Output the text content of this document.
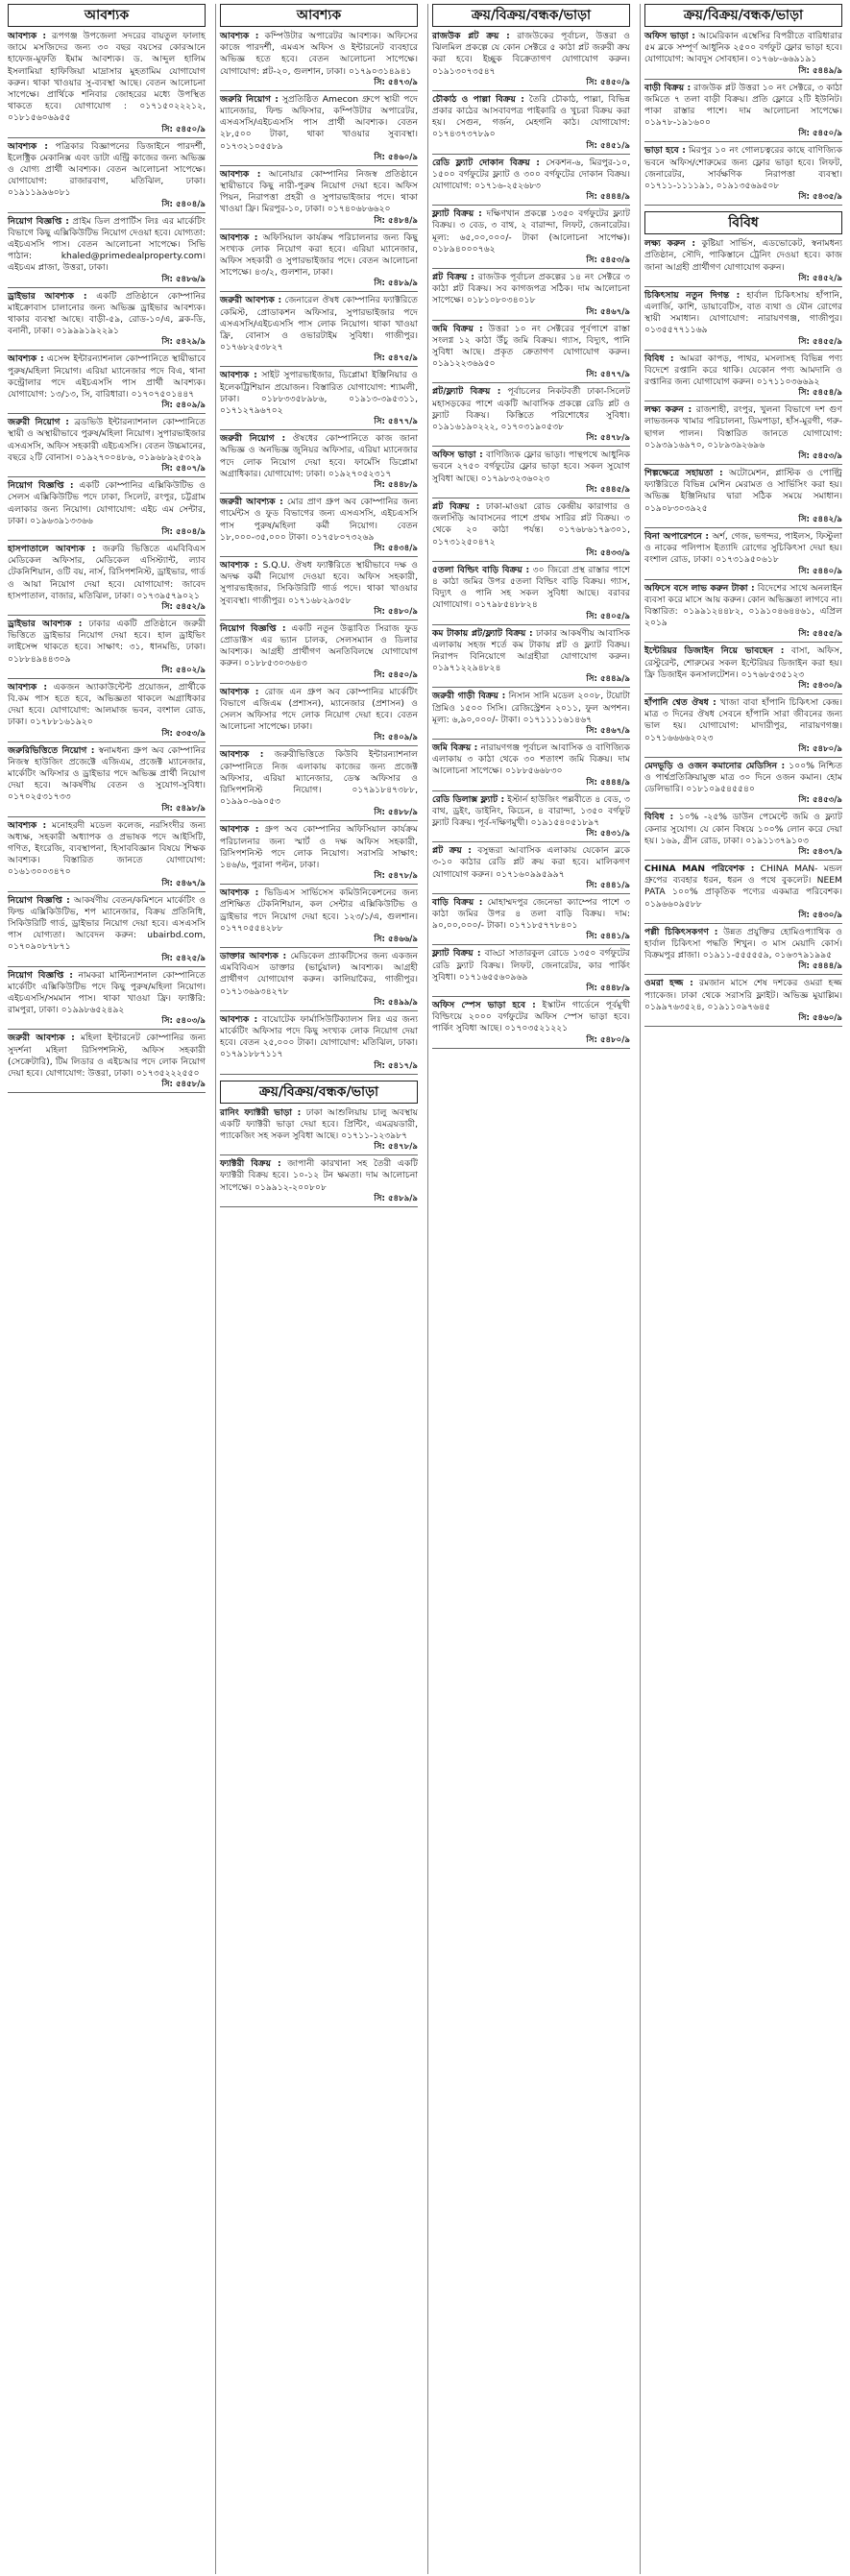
আবশ্যক

আবশ্যক : রূপগঞ্জ উপজেলা সদরের বায়তুল ফালাহ জামে মসজিদের জন্য ৩০ বছর বয়সের কোরআনে হাফেজ-মুফতি ইমাম আবশ্যক। ড. আব্দুল হালিম ইসলামিয়া হাফিজিয়া মাদ্রাসার মুহতামিম যোগাযোগ করুন। থাকা খাওয়ার সু-ব্যবস্থা আছে। বেতন আলোচনা সাপেক্ষে। প্রার্থিকে শনিবার জোহরের মধ্যে উপস্থিত থাকতে হবে। যোগাযোগ : ০১৭১৫০২২২১২, ০১৮১৫৬০৬৯৫৫

সি: ৫৪৫০/৯

আবশ্যক : পত্রিকার বিজ্ঞাপনের ডিজাইনে পারদর্শী, ইলেক্ট্রিক মেকানিক্স এবং ডাটা এন্ট্রি কাজের জন্য অভিজ্ঞ ও যোগ্য প্রার্থী আবশ্যক। বেতন আলোচনা সাপেক্ষে। যোগাযোগ: রাজারবাগ, মতিঝিল, ঢাকা। ০১৯১১৯৯৬০৮১

সি: ৫৪০৪/৯

নিয়োগ বিজ্ঞপ্তি : প্রাইম ডিল প্রপার্টিস লিঃ এর মার্কেটিং বিভাগে কিছু এক্সিকিউটিভ নিয়োগ দেওয়া হবে। যোগ্যতা: এইচএসসি পাস। বেতন আলোচনা সাপেক্ষে। সিভি পাঠান: khaled@primedealproperty.com। এইচএম প্লাজা, উত্তরা, ঢাকা।

সি: ৫৪৮৬/৯

ড্রাইভার আবশ্যক : একটি প্রতিষ্ঠানে কোম্পানির মাইক্রোবাস চালানোর জন্য অভিজ্ঞ ড্রাইভার আবশ্যক। থাকার ব্যবস্থা আছে। বাড়ী-৫৯, রোড-১০/এ, ব্লক-ডি, বনানী, ঢাকা। ০১৯৯৯১৯২২৯১

সি: ৫৪২৯/৯

আবশ্যক : এসেন্স ইন্টারন্যাশনাল কোম্পানিতে স্থায়ীভাবে পুরুষ/মহিলা নিয়োগ। এরিয়া ম্যানেজার পদে বিএ, থানা কন্ট্রোলার পদে এইচএসসি পাস প্রার্থী আবশ্যক। যোগাযোগ: ১৩/১৩, সি, বারিধারা। ০১৭০৭৫০১৪৪৭

সি: ৫৪০৯/৯

জরুরী নিয়োগ : ব্রডভিউ ইন্টারন্যাশনাল কোম্পানিতে স্থায়ী ও অস্থায়ীভাবে পুরুষ/মহিলা নিয়োগ। সুপারভাইজার এসএসসি, অফিস সহকারী এইচএসসি। বেতন উচ্চমানের, বছরে ২টি বোনাস। ০১৯২৭০০৪৮৬, ০১৯৬৮৯২৫৩২৯

সি: ৫৪০৭/৯

নিয়োগ বিজ্ঞপ্তি : একটি কোম্পানির এক্সিকিউটিভ ও সেলস এক্সিকিউটিভ পদে ঢাকা, সিলেট, রংপুর, চট্টগ্রাম এলাকার জন্য নিয়োগ। যোগাযোগ: এইচ এম সেন্টার, ঢাকা। ০১৯৬৩৯১৩৩৬৬

সি: ৫৪০৪/৯

হাসপাতালে আবশ্যক : জরুরি ভিত্তিতে এমবিবিএস মেডিকেল অফিসার, মেডিকেল এসিস্ট্যান্ট, ল্যাব টেকনিশিয়ান, ওটি বয়, নার্স, রিসিপশনিস্ট, ড্রাইভার, গার্ড ও আয়া নিয়োগ দেয়া হবে। যোগাযোগ: জাবেদ হাসপাতাল, বাজার, মতিঝিল, ঢাকা। ০১৭৩৯৫৭৯০২১

সি: ৫৪৫২/৯

ড্রাইভার আবশ্যক : ঢাকার একটি প্রতিষ্ঠানে জরুরী ভিত্তিতে ড্রাইভার নিয়োগ দেয়া হবে। হাল ড্রাইভিং লাইসেন্স থাকতে হবে। সাক্ষাৎ: ৩১, ধানমন্ডি, ঢাকা। ০১৮৮৪৯৪৪৩০৯

সি: ৫৪০২/৯

আবশ্যক : একজন অ্যাকাউন্টেন্ট প্রয়োজন, প্রার্থীকে বি.কম পাস হতে হবে, অভিজ্ঞতা থাকলে অগ্রাধিকার দেয়া হবে। যোগাযোগ: আলমাজ ভবন, বংশাল রোড, ঢাকা। ০১৭৮৮১৬১৯২০

সি: ৫৩৫৩/৯

জরুরিভিত্তিতে নিয়োগ : স্বনামধন্য গ্রুপ অব কোম্পানির নিজস্ব হাউজিং প্রজেক্টে এজিএম, প্রজেক্ট ম্যানেজার, মার্কেটিং অফিসার ও ড্রাইভার পদে অভিজ্ঞ প্রার্থী নিয়োগ দেয়া হবে। আকর্ষণীয় বেতন ও সুযোগ-সুবিধা। ০১৭০২৫৩১৭৩৩

সি: ৫৪৯৮/৯

আবশ্যক : মনোহরদী মডেল কলেজ, নরসিংদীর জন্য অধ্যক্ষ, সহকারী অধ্যাপক ও প্রভাষক পদে আইসিটি, গণিত, ইংরেজি, ব্যবস্থাপনা, হিসাববিজ্ঞান বিষয়ে শিক্ষক আবশ্যক। বিস্তারিত জানতে যোগাযোগ: ০১৬১৩০০৩৪৭০

সি: ৫৪৬৭/৯

নিয়োগ বিজ্ঞপ্তি : আকর্ষণীয় বেতন/কমিশনে মার্কেটিং ও ফিল্ড এক্সিকিউটিভ, শপ ম্যানেজার, বিক্রয় প্রতিনিধি, সিকিউরিটি গার্ড, ড্রাইভার নিয়োগ দেয়া হবে। এসএসসি পাস যোগ্যতা। আবেদন করুন: ubairbd.com, ০১৭০৯০৮৭৮৭১

সি: ৫৪২৫/৯

নিয়োগ বিজ্ঞপ্তি : নামকরা মাল্টিন্যাশনাল কোম্পানিতে মার্কেটিং এক্সিকিউটিভ পদে কিছু পুরুষ/মহিলা নিয়োগ। এইচএসসি/সমমান পাস। থাকা খাওয়া ফ্রি। ফ্যাক্টরি: রামপুরা, ঢাকা। ০১৯৯৮৬৫২৪৯২

সি: ৫৪০৩/৯

জরুরী আবশ্যক : মহিলা ইন্টারনেট কোম্পানির জন্য সুদর্শনা মহিলা রিসিপশনিস্ট, অফিস সহকারী (সেক্রেটারি), টিম লিডার ও এইচআর পদে লোক নিয়োগ দেয়া হবে। যোগাযোগ: উত্তরা, ঢাকা। ০১৭৩৫২২২৫৫০

সি: ৫৪৫৮/৯
আবশ্যক

আবশ্যক : কম্পিউটার অপারেটর আবশ্যক। অফিসের কাজে পারদর্শী, এমএস অফিস ও ইন্টারনেট ব্যবহারে অভিজ্ঞ হতে হবে। বেতন আলোচনা সাপেক্ষে। যোগাযোগ: প্লট-২০, গুলশান, ঢাকা। ০১৭৯০৩১৪৯৪১

সি: ৫৪৭৩/৯

জরুরি নিয়োগ : সুপ্রতিষ্ঠিত Amecon গ্রুপে স্থায়ী পদে ম্যানেজার, ফিল্ড অফিসার, কম্পিউটার অপারেটর, এসএসসি/এইচএসসি পাস প্রার্থী আবশ্যক। বেতন ২৮,৫০০ টাকা, থাকা খাওয়ার সুব্যবস্থা। ০১৭৩২১০৫৫৮৯

সি: ৫৪৬০/৯

আবশ্যক : আনোয়ার কোম্পানির নিজস্ব প্রতিষ্ঠানে স্থায়ীভাবে কিছু নারী-পুরুষ নিয়োগ দেয়া হবে। অফিস পিয়ন, নিরাপত্তা প্রহরী ও সুপারভাইজার পদে। থাকা খাওয়া ফ্রি। মিরপুর-১০, ঢাকা। ০১৭৪০৬৮৬৬২০

সি: ৫৪৮৪/৯

আবশ্যক : অফিসিয়াল কার্যক্রম পরিচালনার জন্য কিছু সংখ্যক লোক নিয়োগ করা হবে। এরিয়া ম্যানেজার, অফিস সহকারী ও সুপারভাইজার পদে। বেতন আলোচনা সাপেক্ষে। ৪৩/২, গুলশান, ঢাকা।

সি: ৫৪৮৯/৯

জরুরী আবশ্যক : জেনারেল ঔষধ কোম্পানির ফ্যাক্টরিতে কেমিস্ট, প্রোডাকশন অফিসার, সুপারভাইজার পদে এসএসসি/এইচএসসি পাস লোক নিয়োগ। থাকা খাওয়া ফ্রি, বোনাস ও ওভারটাইম সুবিধা। গাজীপুর। ০১৭৬৮২৫৩৮২৭

সি: ৫৪৭৫/৯

আবশ্যক : সাইট সুপারভাইজার, ডিপ্লোমা ইঞ্জিনিয়ার ও ইলেকট্রিশিয়ান প্রয়োজন। বিস্তারিত যোগাযোগ: শ্যামলী, ঢাকা। ০১৮৮৩৩৫৮৯৮৬, ০১৯১৩-৩৯৫৩১১, ০১৭১২৭৯৬৭০২

সি: ৫৪৭৭/৯

জরুরী নিয়োগ : ঔষধের কোম্পানিতে কাজ জানা অভিজ্ঞ ও অনভিজ্ঞ জুনিয়র অফিসার, এরিয়া ম্যানেজার পদে লোক নিয়োগ দেয়া হবে। ফার্মেসি ডিপ্লোমা অগ্রাধিকার। যোগাযোগ: ঢাকা। ০১৯২৭০৫২৩১৭

সি: ৫৪৪৮/৯

জরুরী আবশ্যক : মোর প্রাণ গ্রুপ অব কোম্পানির জন্য গার্মেন্টস ও ফুড বিভাগের জন্য এসএসসি, এইচএসসি পাস পুরুষ/মহিলা কর্মী নিয়োগ। বেতন ১৮,০০০-৩৫,০০০ টাকা। ০১৭৫৮০৭৩২৬৯

সি: ৫৪৩৪/৯

আবশ্যক : S.Q.U. ঔষধ ফ্যাক্টরিতে স্থায়ীভাবে দক্ষ ও অদক্ষ কর্মী নিয়োগ দেওয়া হবে। অফিস সহকারী, সুপারভাইজার, সিকিউরিটি গার্ড পদে। থাকা খাওয়ার সুব্যবস্থা। গাজীপুর। ০১৭১৬৮২৯৩৫৮

সি: ৫৪৮০/৯

নিয়োগ বিজ্ঞপ্তি : একটি নতুন উদ্ভাবিত সিরাজ ফুড প্রোডাক্টস এর ভ্যান চালক, সেলসম্যান ও ডিলার আবশ্যক। আগ্রহী প্রার্থীগণ অনতিবিলম্বে যোগাযোগ করুন। ০১৮৮৫৩০৩৬৪৩

সি: ৫৪৫০/৯

আবশ্যক : রোজ এন গ্রুপ অব কোম্পানির মার্কেটিং বিভাগে এজিএম (প্রশাসন), ম্যানেজার (প্রশাসন) ও সেলস অফিসার পদে লোক নিয়োগ দেয়া হবে। বেতন আলোচনা সাপেক্ষে। ঢাকা।

সি: ৫৪০৯/৯

আবশ্যক : জরুরীভিত্তিতে কিউবি ইন্টারন্যাশনাল কোম্পানিতে নিজ এলাকায় কাজের জন্য প্রজেক্ট অফিসার, এরিয়া ম্যানেজার, ডেস্ক অফিসার ও রিসিপশনিস্ট নিয়োগ। ০১৭৯১৮৪৭৩৮৮, ০১৯৯০-৬৯০৫৩

সি: ৫৪৮৮/৯

আবশ্যক : গ্রুপ অব কোম্পানির অফিসিয়াল কার্যক্রম পরিচালনার জন্য স্মার্ট ও দক্ষ অফিস সহকারী, রিসিপশনিস্ট পদে লোক নিয়োগ। সরাসরি সাক্ষাৎ: ১৪৬/৬, পুরানা পল্টন, ঢাকা।

সি: ৫৪৭৮/৯

আবশ্যক : ভিডিএস সার্ভিসেস কমিউনিকেশনের জন্য প্রশিক্ষিত টেকনিশিয়ান, কল সেন্টার এক্সিকিউটিভ ও ড্রাইভার পদে নিয়োগ দেয়া হবে। ১২৩/১/এ, গুলশান। ০১৭৭০৫৫৪২৮৮

সি: ৫৪৬৬/৯

ডাক্তার আবশ্যক : মেডিকেল প্র্যাকটিসের জন্য একজন এমবিবিএস ডাক্তার (ভার্চুয়াল) আবশ্যক। আগ্রহী প্রার্থীগণ যোগাযোগ করুন। কালিয়াকৈর, গাজীপুর। ০১৭১৩৬৯৩৪২৭৮

সি: ৫৪৯৯/৯

আবশ্যক : বায়োটেক ফার্মাসিউটিক্যালস লিঃ এর জন্য মার্কেটিং অফিসার পদে কিছু সংখ্যক লোক নিয়োগ দেয়া হবে। বেতন ২৫,০০০ টাকা। যোগাযোগ: মতিঝিল, ঢাকা। ০১৭৯১৮৮৭১১৭

সি: ৫৪১৭/৯
ক্রয়/বিক্রয়/বন্ধক/ভাড়া

রানিং ফ্যাক্টরী ভাড়া : ঢাকা আশুলিয়ায় চালু অবস্থায় একটি ফ্যাক্টরী ভাড়া দেয়া হবে। প্রিন্টিং, এমব্রয়ডারী, প্যাকেজিং সহ সকল সুবিধা আছে। ০১৭১১-১২৩৯৮৭

সি: ৫৪৭৮/৯

ফ্যাক্টরী বিক্রয় : জাপানী কারখানা সহ তৈরী একটি ফ্যাক্টরী বিক্রয় হবে। ১০-১২ টন ক্ষমতা। দাম আলোচনা সাপেক্ষে। ০১৯৯১২-২০০৮০৮

সি: ৫৪৮৯/৯
ক্রয়/বিক্রয়/বন্ধক/ভাড়া

রাজউক প্লট ক্রয় : রাজউকের পূর্বাচল, উত্তরা ও ঝিলমিল প্রকল্পে যে কোন সেক্টরে ৫ কাঠা প্লট জরুরী ক্রয় করা হবে। ইচ্ছুক বিক্রেতাগণ যোগাযোগ করুন। ০১৯১৩০৭৩৫৪৭

সি: ৫৪৫০/৯

চৌকাঠ ও পাল্লা বিক্রয় : তৈরি চৌকাঠ, পাল্লা, বিভিন্ন প্রকার কাঠের আসবাবপত্র পাইকারি ও খুচরা বিক্রয় করা হয়। সেগুন, গর্জন, মেহগনি কাঠ। যোগাযোগ: ০১৭৪৩৭৩৭৮৯০

সি: ৫৪৫১/৯

রেডি ফ্ল্যাট দোকান বিক্রয় : সেকশন-৬, মিরপুর-১০, ১৫০০ বর্গফুটের ফ্ল্যাট ও ৩০০ বর্গফুটের দোকান বিক্রয়। যোগাযোগ: ০১৭১৬-২৫২৬৮৩

সি: ৫৪৪৪/৯

ফ্ল্যাট বিক্রয় : দক্ষিণখান প্রকল্পে ১৩৫০ বর্গফুটের ফ্ল্যাট বিক্রয়। ৩ বেড, ৩ বাথ, ২ বারান্দা, লিফট, জেনারেটর। মূল্য: ৬৫,০০,০০০/- টাকা (আলোচনা সাপেক্ষ)। ০১৮৯৪০০০৭৬২

সি: ৫৪৫৩/৯

প্লট বিক্রয় : রাজউক পূর্বাচল প্রকল্পের ১৪ নং সেক্টরে ৩ কাঠা প্লট বিক্রয়। সব কাগজপত্র সঠিক। দাম আলোচনা সাপেক্ষে। ০১৮১০৮০৩৪০১৮

সি: ৫৪৬৭/৯

জমি বিক্রয় : উত্তরা ১০ নং সেক্টরের পূর্বপাশে রাস্তা সংলগ্ন ১২ কাঠা উঁচু জমি বিক্রয়। গ্যাস, বিদ্যুৎ, পানি সুবিধা আছে। প্রকৃত ক্রেতাগণ যোগাযোগ করুন। ০১৯১২২৩৬৯৫০

সি: ৫৪৭৭/৯

প্লট/ফ্ল্যাট বিক্রয় : পূর্বাচলের নিকটবর্তী ঢাকা-সিলেট মহাসড়কের পাশে একটি আবাসিক প্রকল্পে রেডি প্লট ও ফ্ল্যাট বিক্রয়। কিস্তিতে পরিশোধের সুবিধা। ০১৯১৬১৯০২২২, ০১৭০৩১৯০৫৩৮

সি: ৫৪৭৮/৯

অফিস ভাড়া : বাণিজ্যিক ফ্লোর ভাড়া। পান্থপথে আধুনিক ভবনে ২৭৫০ বর্গফুটের ফ্লোর ভাড়া হবে। সকল সুযোগ সুবিধা আছে। ০১৭৯৮৩২৩৬০২৩

সি: ৫৪৪৫/৯

প্লট বিক্রয় : ঢাকা-মাওয়া রোড কেন্দ্রীয় কারাগার ও জলসিঁড়ি আবাসনের পাশে প্রথম সারির প্লট বিক্রয়। ৩ থেকে ২০ কাঠা পর্যন্ত। ০১৭৬৮৬১৭৯৩০১, ০১৭৩১২৫০৪৭২

সি: ৫৪৩৩/৯

৫তলা বিল্ডিং বাড়ি বিক্রয় : ৩০ জিরো প্রস্থ রাস্তার পাশে ৪ কাঠা জমির উপর ৫তলা বিল্ডিং বাড়ি বিক্রয়। গ্যাস, বিদ্যুৎ ও পানি সহ সকল সুবিধা আছে। বরাবর যোগাযোগ। ০১৭৯৮৫৪৮৮২৪

সি: ৫৪০৫/৯

কম টাকায় প্লট/ফ্ল্যাট বিক্রয় : ঢাকার আকর্ষণীয় আবাসিক এলাকায় সহজ শর্তে কম টাকায় প্লট ও ফ্ল্যাট বিক্রয়। নিরাপদ বিনিয়োগে আগ্রহীরা যোগাযোগ করুন। ০১৯৭১২২৯৪৮২৪

সি: ৫৪৪৯/৯

জরুরী গাড়ী বিক্রয় : নিসান সানি মডেল ২০০৮, টয়োটা প্রিমিও ১৫০০ সিসি। রেজিস্ট্রেশন ২০১১, ফুল অপশন। মূল্য: ৬,৯০,০০০/- টাকা। ০১৭১১১১৬১৪৬৭

সি: ৫৪৬৭/৯

জমি বিক্রয় : নারায়ণগঞ্জ পূর্বাচল আবাসিক ও বাণিজ্যিক এলাকায় ৩ কাঠা থেকে ৩০ শতাংশ জমি বিক্রয়। দাম আলোচনা সাপেক্ষে। ০১৮৮৫৬৬৮৩০

সি: ৫৪৪৪/৯

রেডি ডিলাক্স ফ্ল্যাট : ইস্টার্ন হাউজিং পল্লবীতে ৪ বেড, ৩ বাথ, ড্রইং, ডাইনিং, কিচেন, ৪ বারান্দা, ১৩৫০ বর্গফুট ফ্ল্যাট বিক্রয়। পূর্ব-দক্ষিণমুখী। ০১৯১৫৪০৫১৮৯৭

সি: ৫৪৩১/৯

প্লট ক্রয় : বসুন্ধরা আবাসিক এলাকায় যেকোন ব্লকে ৩-১০ কাঠার রেডি প্লট ক্রয় করা হবে। মালিকগণ যোগাযোগ করুন। ০১৭১৬০৯৯৫৯৯৭

সি: ৫৪৪১/৯

বাড়ি বিক্রয় : মোহাম্মদপুর জেনেভা ক্যাম্পের পাশে ৩ কাঠা জমির উপর ৪ তলা বাড়ি বিক্রয়। দাম: ৯০,০০,০০০/- টাকা। ০১৭১৮৫৭৭৮৪০১

সি: ৫৪৪১/৯

ফ্ল্যাট বিক্রয় : বাড্ডা সাতারকুল রোডে ১৩৫০ বর্গফুটের রেডি ফ্ল্যাট বিক্রয়। লিফট, জেনারেটর, কার পার্কিং সুবিধা। ০১৭১৬৫৫৬০৯৬৯

সি: ৫৪৪৮/৯

অফিস স্পেস ভাড়া হবে : ইস্কাটন গার্ডেনে পূর্বমুখী বিল্ডিংয়ে ২০০০ বর্গফুটের অফিস স্পেস ভাড়া হবে। পার্কিং সুবিধা আছে। ০১৭০৩৫২১২২১

সি: ৫৪৮০/৯
ক্রয়/বিক্রয়/বন্ধক/ভাড়া

অফিস ভাড়া : আমেরিকান এম্বেসির বিপরীতে বারিধারার ৫ম ব্লকে সম্পূর্ণ আধুনিক ২৫০০ বর্গফুট ফ্লোর ভাড়া হবে। যোগাযোগ: আবদুস সোবহান। ০১৭৬৮-৬৬৯১৯১

সি: ৫৪৪৯/৯

বাড়ী বিক্রয় : রাজউক প্লট উত্তরা ১০ নং সেক্টরে, ৩ কাঠা জমিতে ৭ তলা বাড়ী বিক্রয়। প্রতি ফ্লোরে ২টি ইউনিট। পাকা রাস্তার পাশে। দাম আলোচনা সাপেক্ষে। ০১৯৭৮-১৯১৬০০

সি: ৫৪৫০/৯

ভাড়া হবে : মিরপুর ১০ নং গোলচত্বরের কাছে বাণিজ্যিক ভবনে অফিস/শোরুমের জন্য ফ্লোর ভাড়া হবে। লিফট, জেনারেটর, সার্বক্ষণিক নিরাপত্তা ব্যবস্থা। ০১৭১১-১১১১৯১, ০১৯১৩৫৬৯৫০৮

সি: ৫৪৩৫/৯
বিবিধ

লক্ষ্য করুন : কুষ্টিয়া সার্ভিস, এডভোকেট, স্বনামধন্য প্রতিষ্ঠান, সৌদি, পাকিস্তানে ট্রেনিং দেওয়া হবে। কাজ জানা আগ্রহী প্রার্থীগণ যোগাযোগ করুন।

সি: ৫৪৫২/৯

চিকিৎসায় নতুন দিগন্ত : হার্বাল চিকিৎসায় হাঁপানি, এলার্জি, কাশি, ডায়াবেটিস, বাত ব্যথা ও যৌন রোগের স্থায়ী সমাধান। যোগাযোগ: নারায়ণগঞ্জ, গাজীপুর। ০১৩৫৫৭৭১১৬৯

সি: ৫৪৫৫/৯

বিবিধ : আমরা কাপড়, পাথর, মসলাসহ বিভিন্ন পণ্য বিদেশে রপ্তানি করে থাকি। যেকোন পণ্য আমদানি ও রপ্তানির জন্য যোগাযোগ করুন। ০১৭১১০৩৬৬৯২

সি: ৫৪৫৪/৯

লক্ষ্য করুন : রাজশাহী, রংপুর, খুলনা বিভাগে দশ গুণ লাভজনক খামার পরিচালনা, ডিমপাড়া, হাঁস-মুরগী, গরু-ছাগল পালন। বিস্তারিত জানতে যোগাযোগ: ০১৯৩৯১৬৯৭০, ০১৮৯৩৯২৬৯৬

সি: ৫৪৫৩/৯

শিল্পক্ষেত্রে সহায়তা : অটোমেশন, প্লাস্টিক ও পোল্ট্রি ফ্যাক্টরিতে বিভিন্ন মেশিন মেরামত ও সার্ভিসিং করা হয়। অভিজ্ঞ ইঞ্জিনিয়ার দ্বারা সঠিক সময়ে সমাধান। ০১৯০৮৩০৩৯২৫

সি: ৫৪৪২/৯

বিনা অপারেশনে : অর্শ, গেজ, ভগন্দর, পাইলস, ফিস্টুলা ও নাকের পলিপাস ইত্যাদি রোগের সুচিকিৎসা দেয়া হয়। বংশাল রোড, ঢাকা। ০১৭৩১৯৫০৬১৮

সি: ৫৪৪০/৯

অফিসে বসে লাভ করুন টাকা : বিদেশের সাথে অনলাইন ব্যবসা করে মাসে আয় করুন। কোন অভিজ্ঞতা লাগবে না। বিস্তারিত: ০১৯৯১২৪৪৮২, ০১৯১০৪৬৪৪৬১, এপ্রিল ২০১৯

সি: ৫৪৫৫/৯

ইন্টেরিয়র ডিজাইন নিয়ে ভাবছেন : বাসা, অফিস, রেস্টুরেন্ট, শোরুমের সকল ইন্টেরিয়র ডিজাইন করা হয়। ফ্রি ডিজাইন কনসালটেশন। ০১৭৬৮৫৩৫১২৩

সি: ৫৪৩০/৯

হাঁপানি শ্বেত ঔষধ : খাজা বাবা হাঁপানি চিকিৎসা কেন্দ্র। মাত্র ৩ দিনের ঔষধ সেবনে হাঁপানি সারা জীবনের জন্য ভাল হয়। যোগাযোগ: মাদারীপুর, নারায়ণগঞ্জ। ০১৭১৬৬৬৬২০২৩

সি: ৫৪৮০/৯

মেদভূড়ি ও ওজন কমানোর মেডিসিন : ১০০% নিশ্চিত ও পার্শ্বপ্রতিক্রিয়ামুক্ত মাত্র ৩০ দিনে ওজন কমান। হোম ডেলিভারি। ০১৮১০৯৫৪৫৫৪০

সি: ৫৪৫৩/৯

বিবিধ : ১০% -২৫% ডাউন পেমেন্টে জমি ও ফ্ল্যাট কেনার সুযোগ। যে কোন বিষয়ে ১০০% লোন করে দেয়া হয়। ১৬৯, গ্রীন রোড, ঢাকা। ০১৯১১৩৭৯১০৩

সি: ৫৪৩৭/৯

CHINA MAN পরিবেশক : CHINA MAN- মন্ডল গ্রুপের ব্যবহার ধরন, ধরন ও পথে বুকলেট। NEEM PATA ১০০% প্রাকৃতিক পণ্যের একমাত্র পরিবেশক। ০১৯৬৬০৯৫৮৮

সি: ৫৪৩০/৯

পল্লী চিকিৎসকগণ : উন্নত প্রযুক্তির হোমিওপ্যাথিক ও হার্বাল চিকিৎসা পদ্ধতি শিখুন। ৩ মাস মেয়াদি কোর্স। বিক্রমপুর প্লাজা। ০১৯১১-৫৫৫৫৫৯, ০১৬৩৭৯১৯৯৫

সি: ৫৪৪৪/৯

ওমরা হজ্জ : রমজান মাসে শেষ দশকের ওমরা হজ্জ প্যাকেজ। ঢাকা থেকে সরাসরি ফ্লাইট। অভিজ্ঞ মুয়াল্লিম। ০১৯৯৭৬৩৫২৪, ০১৯১১০৯৭৬৪৫

সি: ৫৪৬০/৯
